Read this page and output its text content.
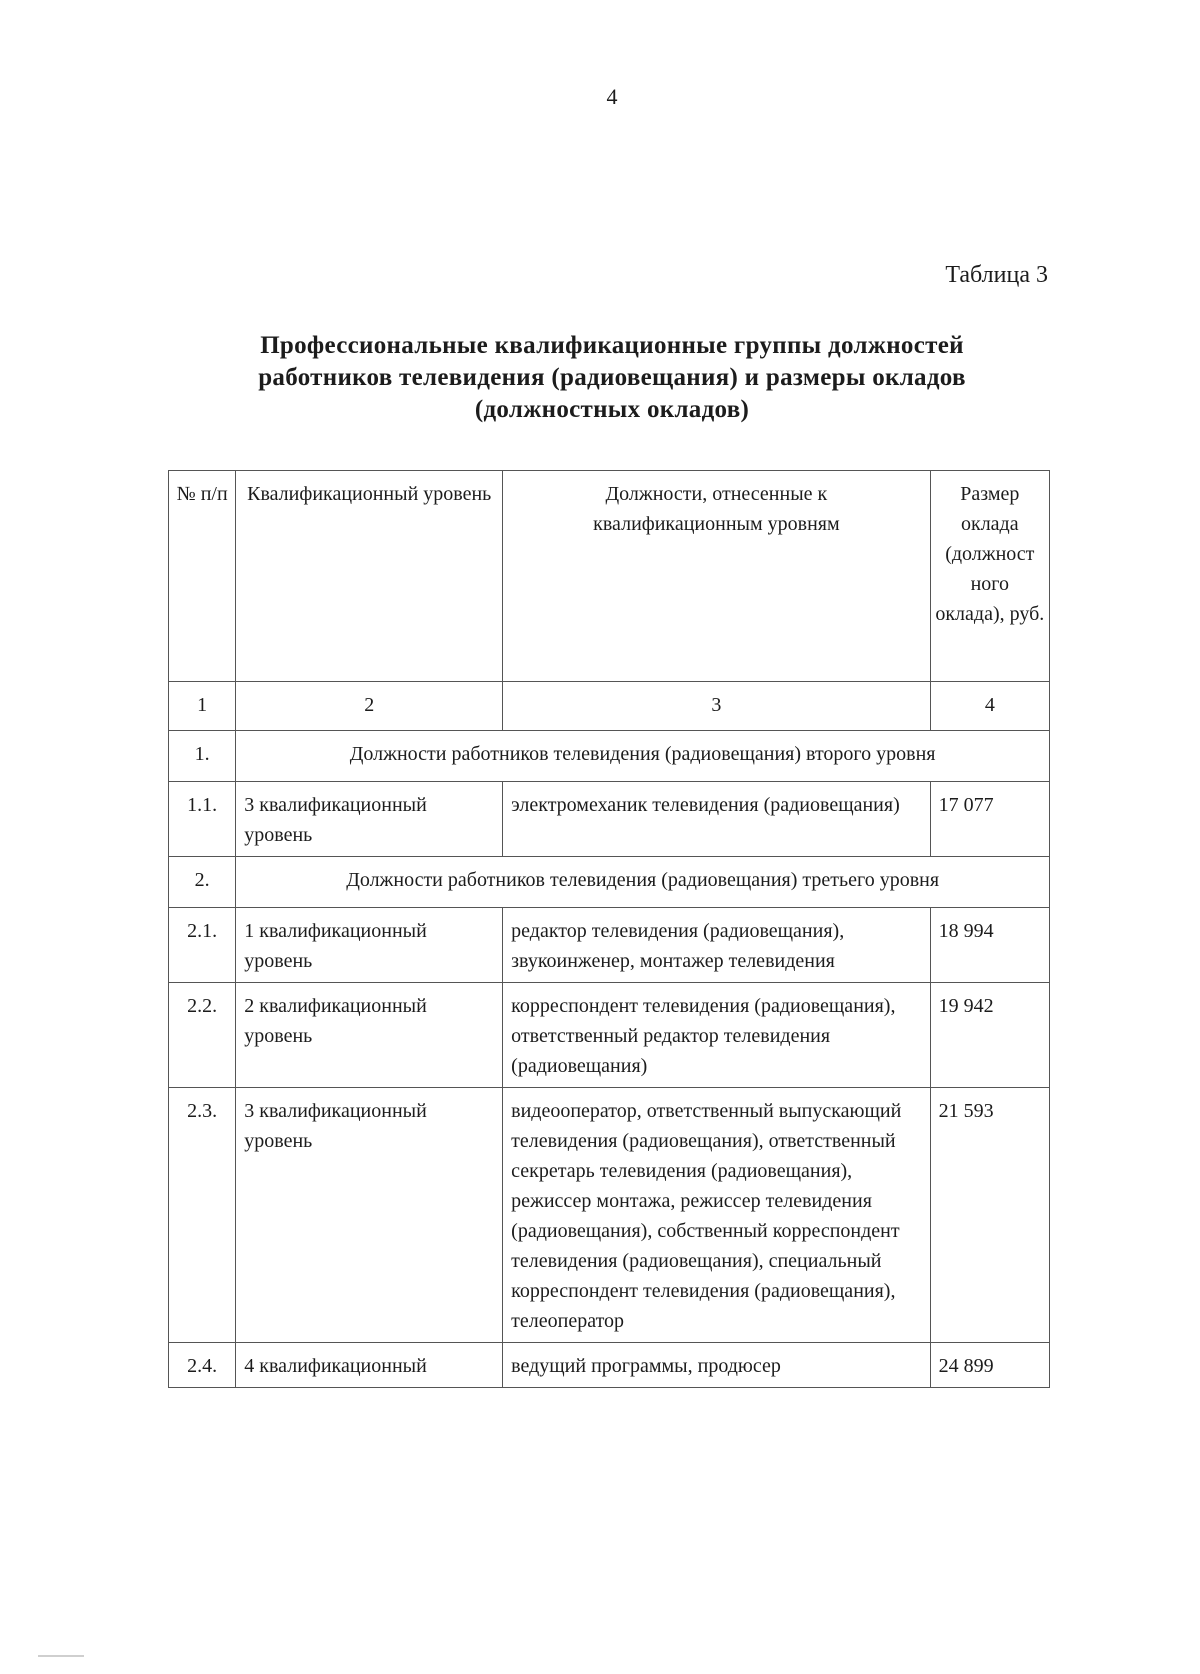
4
Таблица 3
Профессиональные квалификационные группы должностей
работников телевидения (радиовещания) и размеры окладов
(должностных окладов)
№ п/п	Квалификационный уровень	Должности, отнесенные к квалификационным уровням	Размер оклада (должност ного оклада), руб.
1	2	3	4
1.	Должности работников телевидения (радиовещания) второго уровня		
1.1.	3 квалификационный уровень	электромеханик телевидения (радиовещания)	17 077
2.	Должности работников телевидения (радиовещания) третьего уровня		
2.1.	1 квалификационный уровень	редактор телевидения (радиовещания), звукоинженер, монтажер телевидения	18 994
2.2.	2 квалификационный уровень	корреспондент телевидения (радиовещания), ответственный редактор телевидения (радиовещания)	19 942
2.3.	3 квалификационный уровень	видеооператор, ответственный выпускающий телевидения (радиовещания), ответственный секретарь телевидения (радиовещания), режиссер монтажа, режиссер телевидения (радиовещания), собственный корреспондент телевидения (радиовещания), специальный корреспондент телевидения (радиовещания), телеоператор	21 593
2.4.	4 квалификационный	ведущий программы, продюсер	24 899
